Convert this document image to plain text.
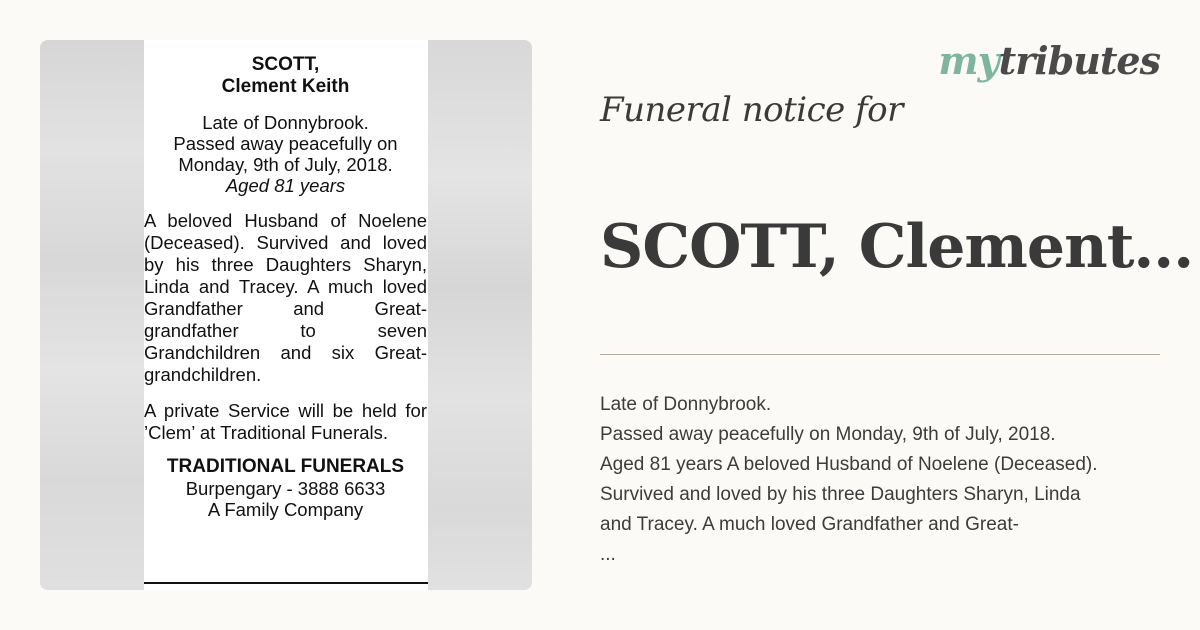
SCOTT,
Clement Keith
Late of Donnybrook.
Passed away peacefully on
Monday, 9th of July, 2018.
Aged 81 years

A beloved Husband of Noelene (Deceased). Survived and loved by his three Daughters Sharyn, Linda and Tracey. A much loved Grandfather and Great-grandfather to seven Grandchildren and six Great-grandchildren.

A private Service will be held for ’Clem’ at Traditional Funerals.

TRADITIONAL FUNERALS
Burpengary - 3888 6633
A Family Company
mytributes
Funeral notice for
SCOTT, Clement...
Late of Donnybrook.
Passed away peacefully on Monday, 9th of July, 2018.
Aged 81 years A beloved Husband of Noelene (Deceased).
Survived and loved by his three Daughters Sharyn, Linda
and Tracey. A much loved Grandfather and Great-
...
